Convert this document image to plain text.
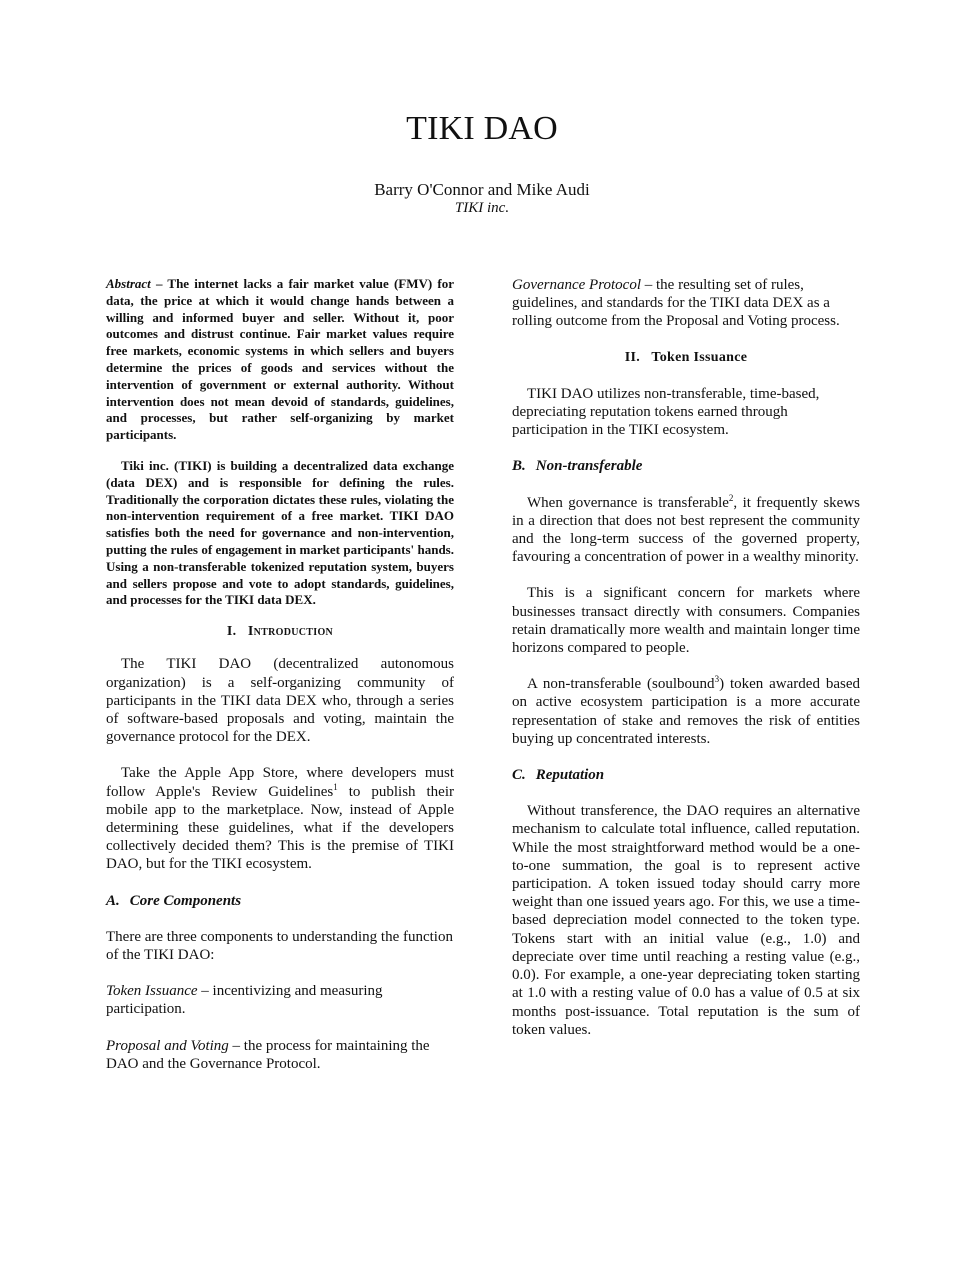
TIKI DAO
Barry O'Connor and Mike Audi
TIKI inc.

Abstract – The internet lacks a fair market value (FMV) for data, the price at which it would change hands between a willing and informed buyer and seller. Without it, poor outcomes and distrust continue. Fair market values require free markets, economic systems in which sellers and buyers determine the prices of goods and services without the intervention of government or external authority. Without intervention does not mean devoid of standards, guidelines, and processes, but rather self-organizing by market participants.

Tiki inc. (TIKI) is building a decentralized data exchange (data DEX) and is responsible for defining the rules. Traditionally the corporation dictates these rules, violating the non-intervention requirement of a free market. TIKI DAO satisfies both the need for governance and non-intervention, putting the rules of engagement in market participants' hands. Using a non-transferable tokenized reputation system, buyers and sellers propose and vote to adopt standards, guidelines, and processes for the TIKI data DEX.

I. Introduction

The TIKI DAO (decentralized autonomous organization) is a self-organizing community of participants in the TIKI data DEX who, through a series of software-based proposals and voting, maintain the governance protocol for the DEX.

Take the Apple App Store, where developers must follow Apple's Review Guidelines$^1$ to publish their mobile app to the marketplace. Now, instead of Apple determining these guidelines, what if the developers collectively decided them? This is the premise of TIKI DAO, but for the TIKI ecosystem.

A. Core Components

There are three components to understanding the function of the TIKI DAO:

Token Issuance – incentivizing and measuring participation.

Proposal and Voting – the process for maintaining the DAO and the Governance Protocol.

Governance Protocol – the resulting set of rules, guidelines, and standards for the TIKI data DEX as a rolling outcome from the Proposal and Voting process.

II. Token Issuance

TIKI DAO utilizes non-transferable, time-based, depreciating reputation tokens earned through participation in the TIKI ecosystem.

B. Non-transferable

When governance is transferable$^2$, it frequently skews in a direction that does not best represent the community and the long-term success of the governed property, favouring a concentration of power in a wealthy minority.

This is a significant concern for markets where businesses transact directly with consumers. Companies retain dramatically more wealth and maintain longer time horizons compared to people.

A non-transferable (soulbound$^3$) token awarded based on active ecosystem participation is a more accurate representation of stake and removes the risk of entities buying up concentrated interests.

C. Reputation

Without transference, the DAO requires an alternative mechanism to calculate total influence, called reputation. While the most straightforward method would be a one-to-one summation, the goal is to represent active participation. A token issued today should carry more weight than one issued years ago. For this, we use a time-based depreciation model connected to the token type. Tokens start with an initial value (e.g., 1.0) and depreciate over time until reaching a resting value (e.g., 0.0). For example, a one-year depreciating token starting at 1.0 with a resting value of 0.0 has a value of 0.5 at six months post-issuance. Total reputation is the sum of token values.
